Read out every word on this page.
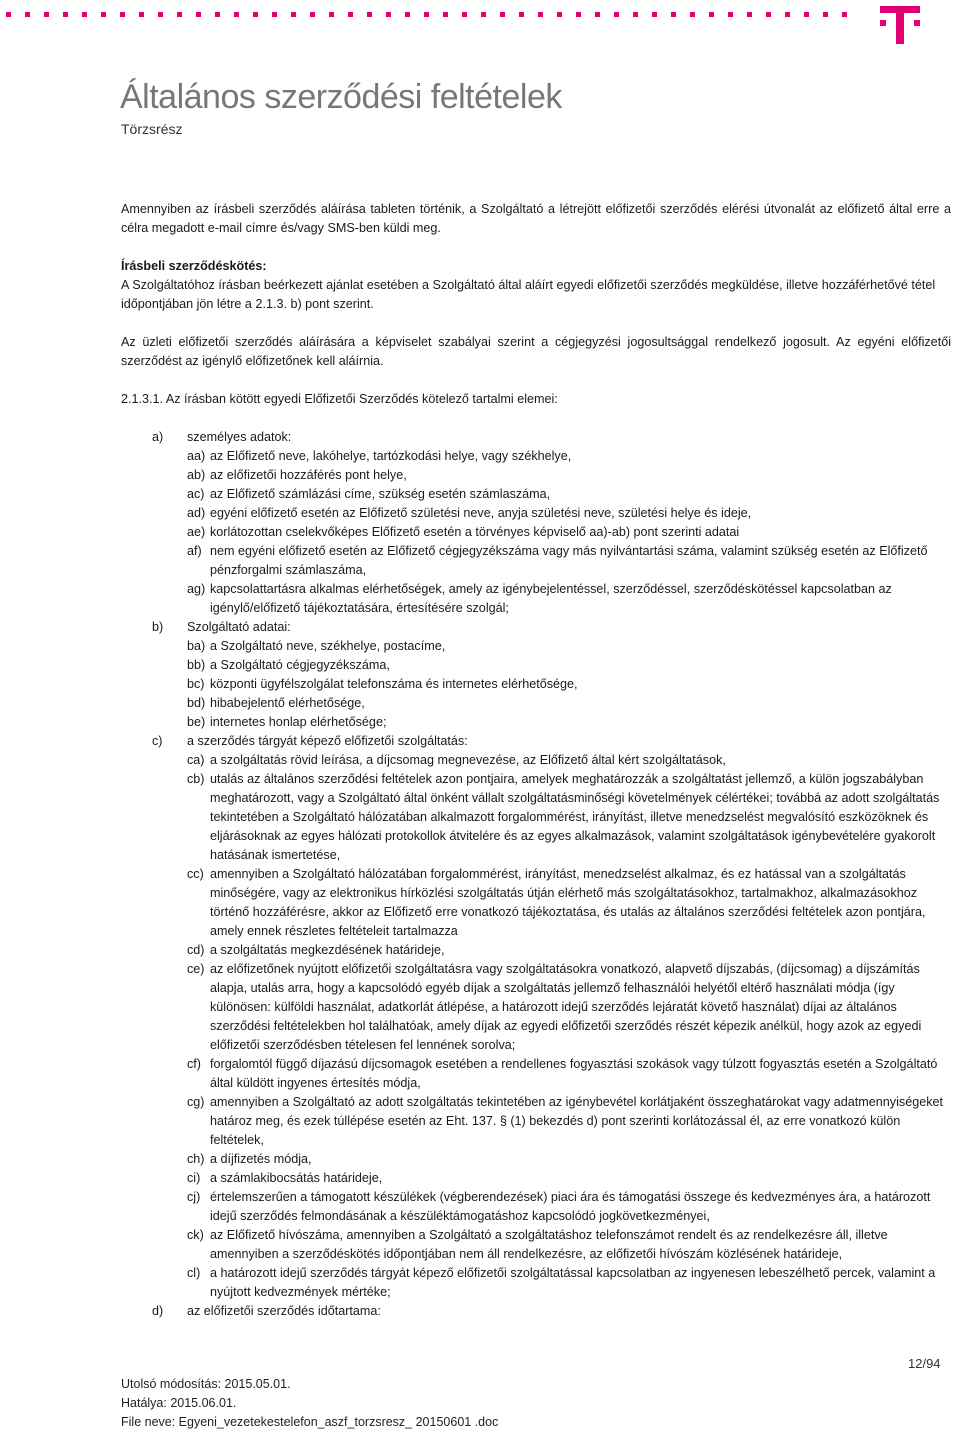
Általános szerződési feltételek
Törzsrész

Amennyiben az írásbeli szerződés aláírása tableten történik, a Szolgáltató a létrejött előfizetői szerződés elérési útvonalát az előfizető által erre a célra megadott e-mail címre és/vagy SMS-ben küldi meg.

Írásbeli szerződéskötés:

A Szolgáltatóhoz írásban beérkezett ajánlat esetében a Szolgáltató által aláírt egyedi előfizetői szerződés megküldése, illetve hozzáférhetővé tétel időpontjában jön létre a 2.1.3. b) pont szerint.

Az üzleti előfizetői szerződés aláírására a képviselet szabályai szerint a cégjegyzési jogosultsággal rendelkező jogosult. Az egyéni előfizetői szerződést az igénylő előfizetőnek kell aláírnia.

2.1.3.1. Az írásban kötött egyedi Előfizetői Szerződés kötelező tartalmi elemei:

a) személyes adatok:
aa) az Előfizető neve, lakóhelye, tartózkodási helye, vagy székhelye,
ab) az előfizetői hozzáférés pont helye,
ac) az Előfizető számlázási címe, szükség esetén számlaszáma,
ad) egyéni előfizető esetén az Előfizető születési neve, anyja születési neve, születési helye és ideje,
ae) korlátozottan cselekvőképes Előfizető esetén a törvényes képviselő aa)-ab) pont szerinti adatai
af) nem egyéni előfizető esetén az Előfizető cégjegyzékszáma vagy más nyilvántartási száma, valamint szükség esetén az Előfizető pénzforgalmi számlaszáma,
ag) kapcsolattartásra alkalmas elérhetőségek, amely az igénybejelentéssel, szerződéssel, szerződéskötéssel kapcsolatban az igénylő/előfizető tájékoztatására, értesítésére szolgál;
b) Szolgáltató adatai:
ba) a Szolgáltató neve, székhelye, postacíme,
bb) a Szolgáltató cégjegyzékszáma,
bc) központi ügyfélszolgálat telefonszáma és internetes elérhetősége,
bd) hibabejelentő elérhetősége,
be) internetes honlap elérhetősége;
c) a szerződés tárgyát képező előfizetői szolgáltatás:
ca) a szolgáltatás rövid leírása, a díjcsomag megnevezése, az Előfizető által kért szolgáltatások,
cb) utalás az általános szerződési feltételek azon pontjaira, amelyek meghatározzák a szolgáltatást jellemző, a külön jogszabályban meghatározott, vagy a Szolgáltató által önként vállalt szolgáltatásminőségi követelmények célértékei; továbbá az adott szolgáltatás tekintetében a Szolgáltató hálózatában alkalmazott forgalommérést, irányítást, illetve menedzselést megvalósító eszközöknek és eljárásoknak az egyes hálózati protokollok átvitelére és az egyes alkalmazások, valamint szolgáltatások igénybevételére gyakorolt hatásának ismertetése,
cc) amennyiben a Szolgáltató hálózatában forgalommérést, irányítást, menedzselést alkalmaz, és ez hatással van a szolgáltatás minőségére, vagy az elektronikus hírközlési szolgáltatás útján elérhető más szolgáltatásokhoz, tartalmakhoz, alkalmazásokhoz történő hozzáférésre, akkor az Előfizető erre vonatkozó tájékoztatása, és utalás az általános szerződési feltételek azon pontjára, amely ennek részletes feltételeit tartalmazza
cd) a szolgáltatás megkezdésének határideje,
ce) az előfizetőnek nyújtott előfizetői szolgáltatásra vagy szolgáltatásokra vonatkozó, alapvető díjszabás, (díjcsomag) a díjszámítás alapja, utalás arra, hogy a kapcsolódó egyéb díjak a szolgáltatás jellemző felhasználói helyétől eltérő használati módja (így különösen: külföldi használat, adatkorlát átlépése, a határozott idejű szerződés lejáratát követő használat) díjai az általános szerződési feltételekben hol találhatóak, amely díjak az egyedi előfizetői szerződés részét képezik anélkül, hogy azok az egyedi előfizetői szerződésben tételesen fel lennének sorolva;
cf) forgalomtól függő díjazású díjcsomagok esetében a rendellenes fogyasztási szokások vagy túlzott fogyasztás esetén a Szolgáltató által küldött ingyenes értesítés módja,
cg) amennyiben a Szolgáltató az adott szolgáltatás tekintetében az igénybevétel korlátjaként összeghatárokat vagy adatmennyiségeket határoz meg, és ezek túllépése esetén az Eht. 137. § (1) bekezdés d) pont szerinti korlátozással él, az erre vonatkozó külön feltételek,
ch) a díjfizetés módja,
ci) a számlakibocsátás határideje,
cj) értelemszerűen a támogatott készülékek (végberendezések) piaci ára és támogatási összege és kedvezményes ára, a határozott idejű szerződés felmondásának a készüléktámogatáshoz kapcsolódó jogkövetkezményei,
ck) az Előfizető hívószáma, amennyiben a Szolgáltató a szolgáltatáshoz telefonszámot rendelt és az rendelkezésre áll, illetve amennyiben a szerződéskötés időpontjában nem áll rendelkezésre, az előfizetői hívószám közlésének határideje,
cl) a határozott idejű szerződés tárgyát képező előfizetői szolgáltatással kapcsolatban az ingyenesen lebeszélhető percek, valamint a nyújtott kedvezmények mértéke;
d) az előfizetői szerződés időtartama:
12/94
Utolsó módosítás: 2015.05.01.
Hatálya: 2015.06.01.
File neve: Egyeni_vezetekestelefon_aszf_torzsresz_ 20150601 .doc
